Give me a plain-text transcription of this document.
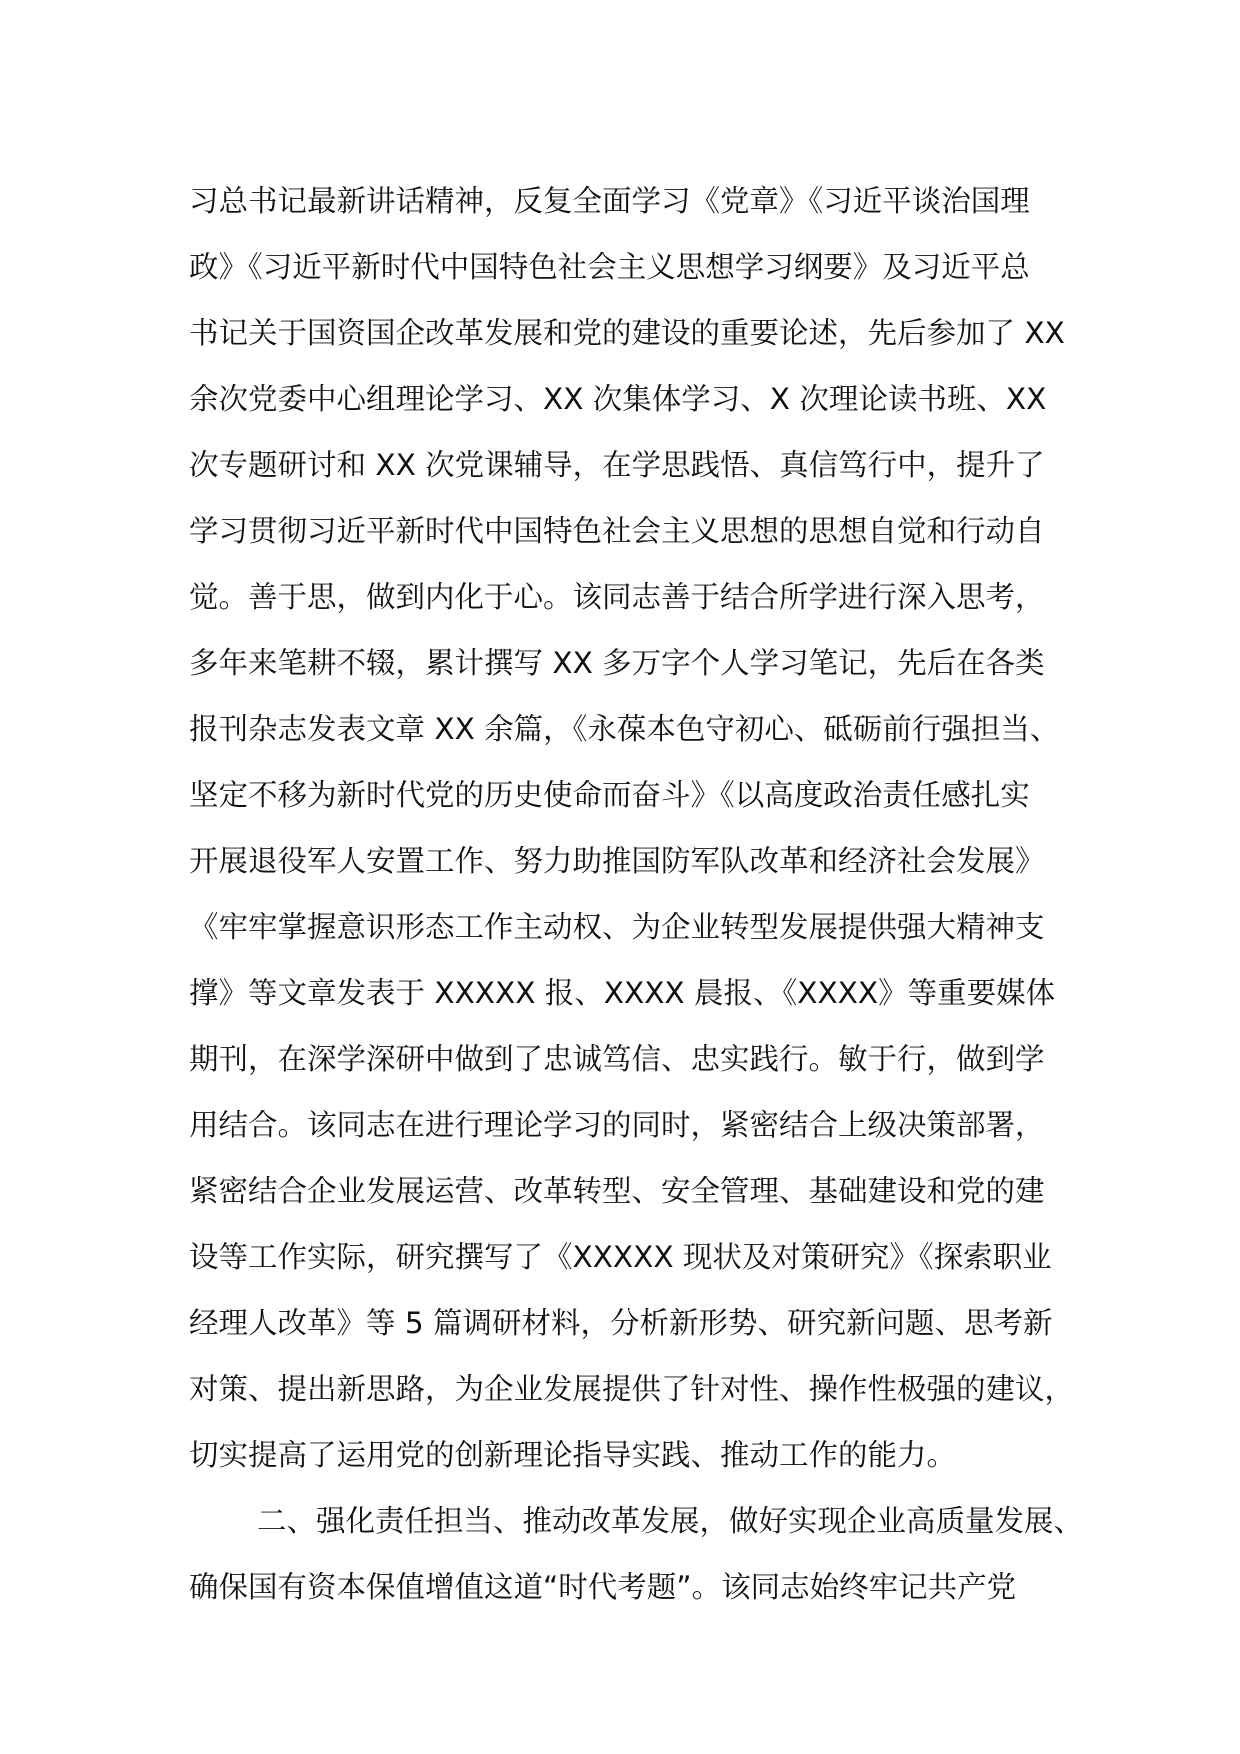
习总书记最新讲话精神，反复全面学习《党章》《习近平谈治国理
政》《习近平新时代中国特色社会主义思想学习纲要》及习近平总
书记关于国资国企改革发展和党的建设的重要论述，先后参加了 XX
余次党委中心组理论学习、XX 次集体学习、X 次理论读书班、XX
次专题研讨和 XX 次党课辅导，在学思践悟、真信笃行中，提升了
学习贯彻习近平新时代中国特色社会主义思想的思想自觉和行动自
觉。善于思，做到内化于心。该同志善于结合所学进行深入思考，
多年来笔耕不辍，累计撰写 XX 多万字个人学习笔记，先后在各类
报刊杂志发表文章 XX 余篇，《永葆本色守初心、砥砺前行强担当、
坚定不移为新时代党的历史使命而奋斗》《以高度政治责任感扎实
开展退役军人安置工作、努力助推国防军队改革和经济社会发展》
《牢牢掌握意识形态工作主动权、为企业转型发展提供强大精神支
撑》等文章发表于 XXXXX 报、XXXX 晨报、《XXXX》等重要媒体
期刊，在深学深研中做到了忠诚笃信、忠实践行。敏于行，做到学
用结合。该同志在进行理论学习的同时，紧密结合上级决策部署，
紧密结合企业发展运营、改革转型、安全管理、基础建设和党的建
设等工作实际，研究撰写了《XXXXX 现状及对策研究》《探索职业
经理人改革》等 5 篇调研材料，分析新形势、研究新问题、思考新
对策、提出新思路，为企业发展提供了针对性、操作性极强的建议，
切实提高了运用党的创新理论指导实践、推动工作的能力。
二、强化责任担当、推动改革发展，做好实现企业高质量发展、
确保国有资本保值增值这道“时代考题”。该同志始终牢记共产党
